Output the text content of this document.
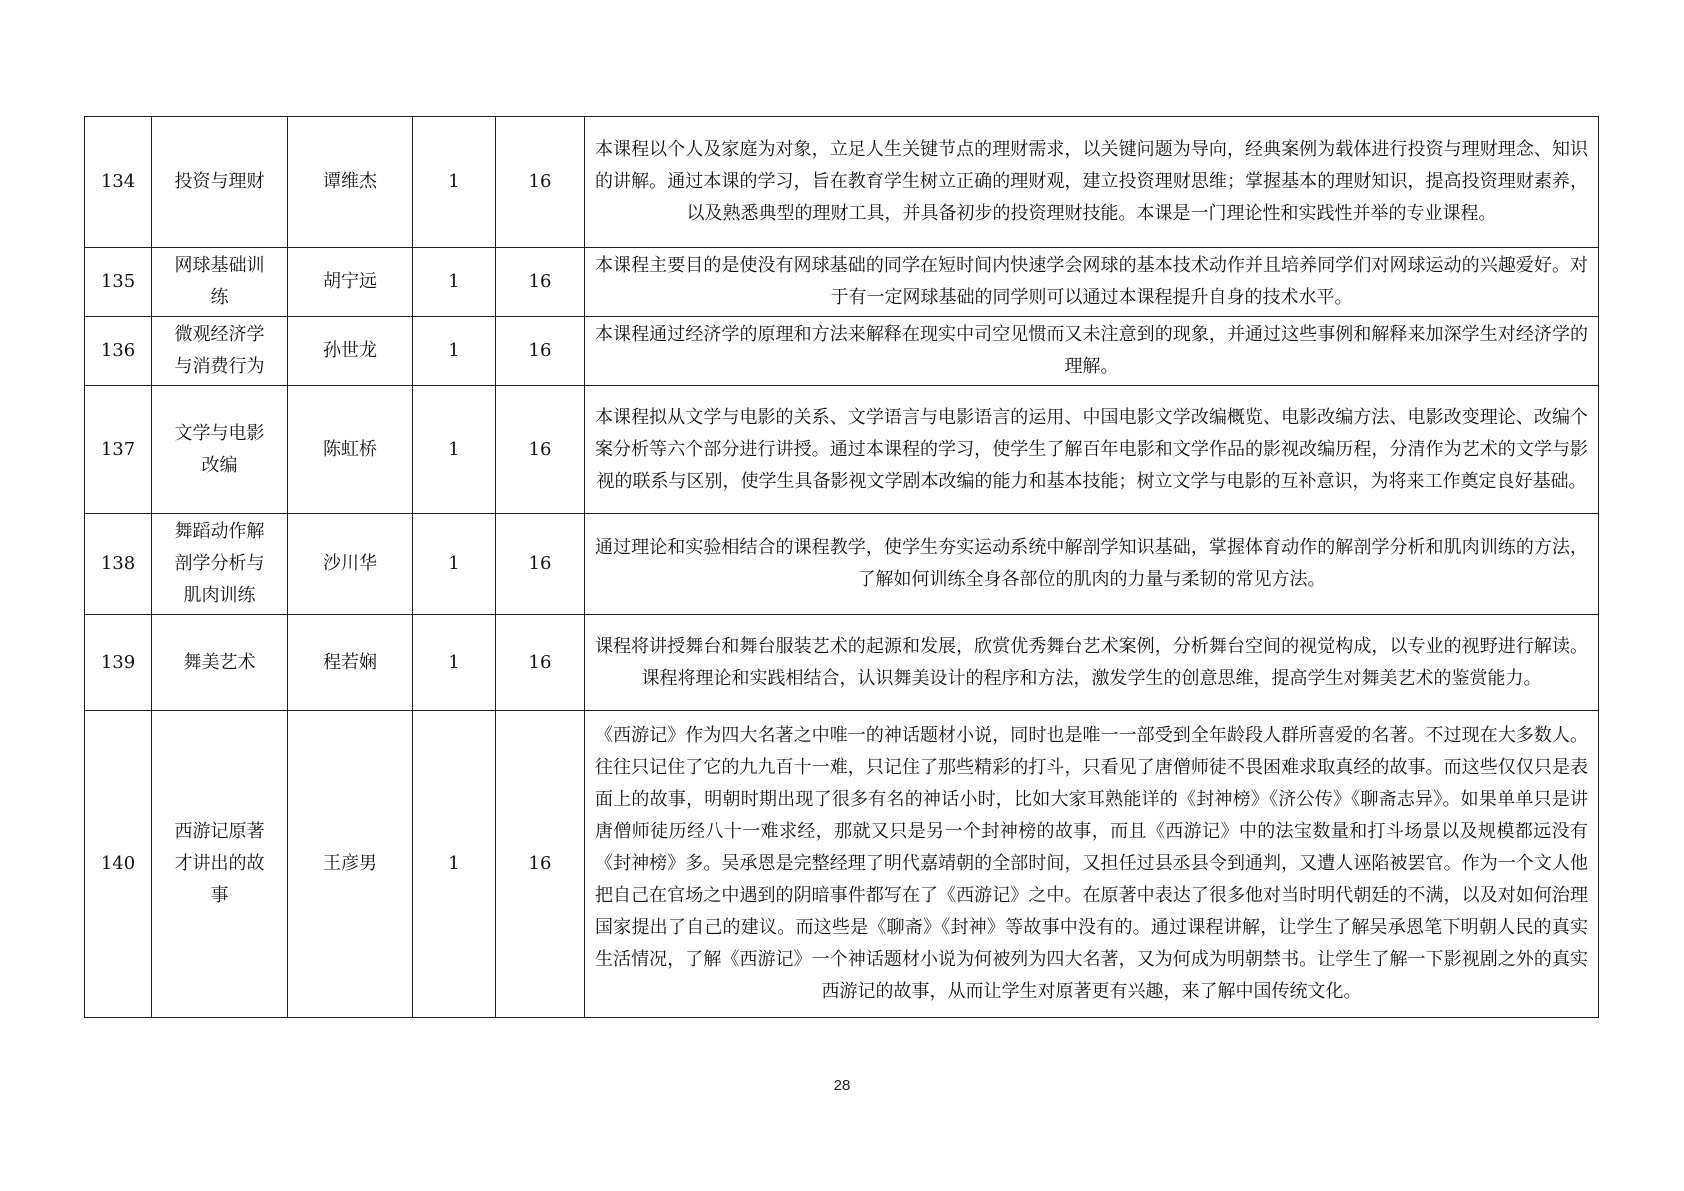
134	投资与理财	谭维杰	1	16	本课程以个人及家庭为对象，立足人生关键节点的理财需求，以关键问题为导向，经典案例为载体进行投资与理财理念、知识的讲解。通过本课的学习，旨在教育学生树立正确的理财观，建立投资理财思维；掌握基本的理财知识，提高投资理财素养，以及熟悉典型的理财工具，并具备初步的投资理财技能。本课是一门理论性和实践性并举的专业课程。
135	网球基础训练	胡宁远	1	16	本课程主要目的是使没有网球基础的同学在短时间内快速学会网球的基本技术动作并且培养同学们对网球运动的兴趣爱好。对于有一定网球基础的同学则可以通过本课程提升自身的技术水平。
136	微观经济学与消费行为	孙世龙	1	16	本课程通过经济学的原理和方法来解释在现实中司空见惯而又未注意到的现象，并通过这些事例和解释来加深学生对经济学的理解。
137	文学与电影改编	陈虹桥	1	16	本课程拟从文学与电影的关系、文学语言与电影语言的运用、中国电影文学改编概览、电影改编方法、电影改变理论、改编个案分析等六个部分进行讲授。通过本课程的学习，使学生了解百年电影和文学作品的影视改编历程，分清作为艺术的文学与影视的联系与区别，使学生具备影视文学剧本改编的能力和基本技能；树立文学与电影的互补意识，为将来工作奠定良好基础。
138	舞蹈动作解剖学分析与肌肉训练	沙川华	1	16	通过理论和实验相结合的课程教学，使学生夯实运动系统中解剖学知识基础，掌握体育动作的解剖学分析和肌肉训练的方法，了解如何训练全身各部位的肌肉的力量与柔韧的常见方法。
139	舞美艺术	程若娴	1	16	课程将讲授舞台和舞台服装艺术的起源和发展，欣赏优秀舞台艺术案例，分析舞台空间的视觉构成，以专业的视野进行解读。课程将理论和实践相结合，认识舞美设计的程序和方法，激发学生的创意思维，提高学生对舞美艺术的鉴赏能力。
140	西游记原著才讲出的故事	王彦男	1	16	《西游记》作为四大名著之中唯一的神话题材小说，同时也是唯一一部受到全年龄段人群所喜爱的名著。不过现在大多数人。往往只记住了它的九九百十一难，只记住了那些精彩的打斗，只看见了唐僧师徒不畏困难求取真经的故事。而这些仅仅只是表面上的故事，明朝时期出现了很多有名的神话小时，比如大家耳熟能详的《封神榜》《济公传》《聊斋志异》。如果单单只是讲唐僧师徒历经八十一难求经，那就又只是另一个封神榜的故事，而且《西游记》中的法宝数量和打斗场景以及规模都远没有《封神榜》多。吴承恩是完整经理了明代嘉靖朝的全部时间，又担任过县丞县令到通判，又遭人诬陷被罢官。作为一个文人他把自己在官场之中遇到的阴暗事件都写在了《西游记》之中。在原著中表达了很多他对当时明代朝廷的不满，以及对如何治理国家提出了自己的建议。而这些是《聊斋》《封神》等故事中没有的。通过课程讲解，让学生了解吴承恩笔下明朝人民的真实生活情况，了解《西游记》一个神话题材小说为何被列为四大名著，又为何成为明朝禁书。让学生了解一下影视剧之外的真实西游记的故事，从而让学生对原著更有兴趣，来了解中国传统文化。
28
